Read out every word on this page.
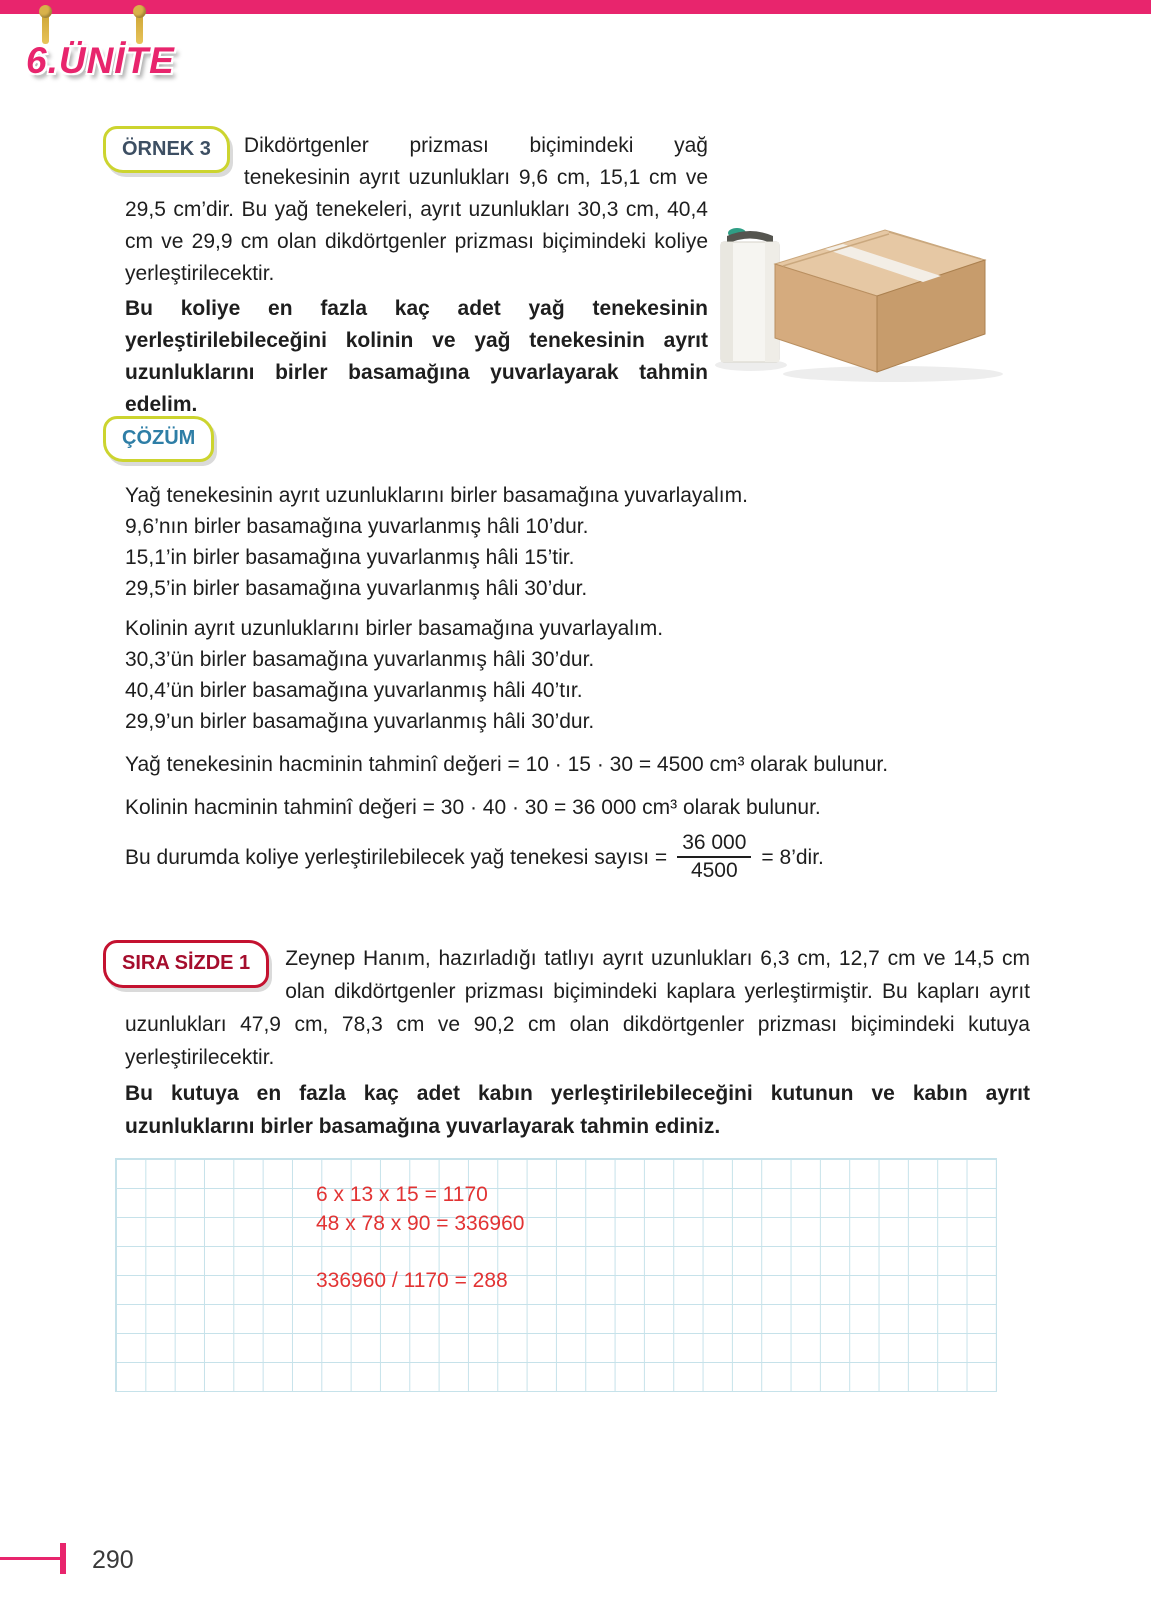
6.ÜNİTE
ÖRNEK 3	Dikdörtgenler prizması biçimindeki yağ tenekesinin ayrıt uzunlukları 9,6 cm, 15,1 cm ve 29,5 cm’dir. Bu yağ tenekeleri, ayrıt uzunlukları 30,3 cm, 40,4 cm ve 29,9 cm olan dikdörtgenler prizması biçimindeki koliye yerleştirilecektir.

Bu koliye en fazla kaç adet yağ tenekesinin yerleştirilebileceğini kolinin ve yağ tenekesinin ayrıt uzunluklarını birler basamağına yuvarlayarak tahmin edelim.

ÇÖZÜM
Yağ tenekesinin ayrıt uzunluklarını birler basamağına yuvarlayalım.
9,6’nın birler basamağına yuvarlanmış hâli 10’dur.
15,1’in birler basamağına yuvarlanmış hâli 15’tir.
29,5’in birler basamağına yuvarlanmış hâli 30’dur.
Kolinin ayrıt uzunluklarını birler basamağına yuvarlayalım.
30,3’ün birler basamağına yuvarlanmış hâli 30’dur.
40,4’ün birler basamağına yuvarlanmış hâli 40’tır.
29,9’un birler basamağına yuvarlanmış hâli 30’dur.
Yağ tenekesinin hacminin tahminî değeri = 10 · 15 · 30 = 4500 cm³ olarak bulunur.
Kolinin hacminin tahminî değeri = 30 · 40 · 30 = 36 000 cm³ olarak bulunur.
Bu durumda koliye yerleştirilebilecek yağ tenekesi sayısı = $\frac{36 000}{4500}$ = 8’dir.
SIRA SİZDE 1	Zeynep Hanım, hazırladığı tatlıyı ayrıt uzunlukları 6,3 cm, 12,7 cm ve 14,5 cm olan dikdörtgenler prizması biçimindeki kaplara yerleştirmiştir. Bu kapları ayrıt uzunlukları 47,9 cm, 78,3 cm ve 90,2 cm olan dikdörtgenler prizması biçimindeki kutuya yerleştirilecektir.

Bu kutuya en fazla kaç adet kabın yerleştirilebileceğini kutunun ve kabın ayrıt uzunluklarını birler basamağına yuvarlayarak tahmin ediniz.

6 x 13 x 15 = 1170
48 x 78 x 90 = 336960
336960 / 1170 = 288
290
